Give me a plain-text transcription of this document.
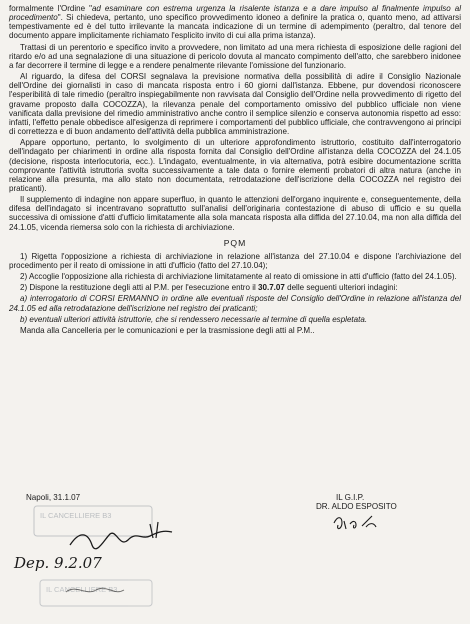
formalmente l'Ordine "ad esaminare con estrema urgenza la risalente istanza e a dare impulso al finalmente impulso al procedimento". Si chiedeva, pertanto, uno specifico provvedimento idoneo a definire la pratica o, quanto meno, ad attivarsi tempestivamente ed è del tutto irrilevante la mancata indicazione di un termine di adempimento (peraltro, dal tenore del documento appare implicitamente richiamato l'esplicito invito di cui alla prima istanza).

Trattasi di un perentorio e specifico invito a provvedere, non limitato ad una mera richiesta di esposizione delle ragioni del ritardo e/o ad una segnalazione di una situazione di pericolo dovuta al mancato compimento dell'atto, che sarebbero inidonee a far decorrere il termine di legge e a rendere penalmente rilevante l'omissione del funzionario.

Al riguardo, la difesa del CORSI segnalava la previsione normativa della possibilità di adire il Consiglio Nazionale dell'Ordine dei giornalisti in caso di mancata risposta entro i 60 giorni dall'istanza. Ebbene, pur dovendosi riconoscere l'esperibilità di tale rimedio (peraltro inspiegabilmente non ravvisata dal Consiglio dell'Ordine nella provvedimento di rigetto del gravame proposto dalla COCOZZA), la rilevanza penale del comportamento omissivo del pubblico ufficiale non viene vanificata dalla previsione del rimedio amministrativo anche contro il semplice silenzio e conserva autonomia rispetto ad esso: infatti, l'effetto penale obbedisce all'esigenza di reprimere i comportamenti del pubblico ufficiale, che contravvengono ai principi di correttezza e di buon andamento dell'attività della pubblica amministrazione.

Appare opportuno, pertanto, lo svolgimento di un ulteriore approfondimento istruttorio, costituito dall'interrogatorio dell'indagato per chiarimenti in ordine alla risposta fornita dal Consiglio dell'Ordine all'istanza della COCOZZA del 24.1.05 (decisione, risposta interlocutoria, ecc.). L'indagato, eventualmente, in via alternativa, potrà esibire documentazione scritta comprovante l'attività istruttoria svolta successivamente a tale data o fornire elementi probatori di altra natura (anche in relazione alla presunta, ma allo stato non documentata, retrodatazione dell'iscrizione della COCOZZA nel registro dei praticanti).

Il supplemento di indagine non appare superfluo, in quanto le attenzioni dell'organo inquirente e, conseguentemente, della difesa dell'indagato si incentravano soprattutto sull'analisi dell'originaria contestazione di abuso di ufficio e su quella successiva di omissione d'atti d'ufficio limitatamente alla sola mancata risposta alla diffida del 27.10.04, ma non alla diffida del 24.1.05, vicenda riemersa solo con la richiesta di archiviazione.

PQM

1) Rigetta l'opposizione a richiesta di archiviazione in relazione all'istanza del 27.10.04 e dispone l'archiviazione del procedimento per il reato di omissione in atti d'ufficio (fatto del 27.10.04);

2) Accoglie l'opposizione alla richiesta di archiviazione limitatamente al reato di omissione in atti d'ufficio (fatto del 24.1.05).

2) Dispone la restituzione degli atti al P.M. per l'esecuzione entro il 30.7.07 delle seguenti ulteriori indagini:

a) interrogatorio di CORSI ERMANNO in ordine alle eventuali risposte del Consiglio dell'Ordine in relazione all'istanza del 24.1.05 ed alla retrodatazione dell'iscrizione nel registro dei praticanti;

b) eventuali ulteriori attività istruttorie, che si rendessero necessarie al termine di quella espletata.

Manda alla Cancelleria per le comunicazioni e per la trasmissione degli atti al P.M..

Napoli, 31.1.07	IL G.I.P.
DR. ALDO ESPOSITO
IL CANCELLIERE B3
Dep. 9.2.07
IL CANCELLIERE B3
